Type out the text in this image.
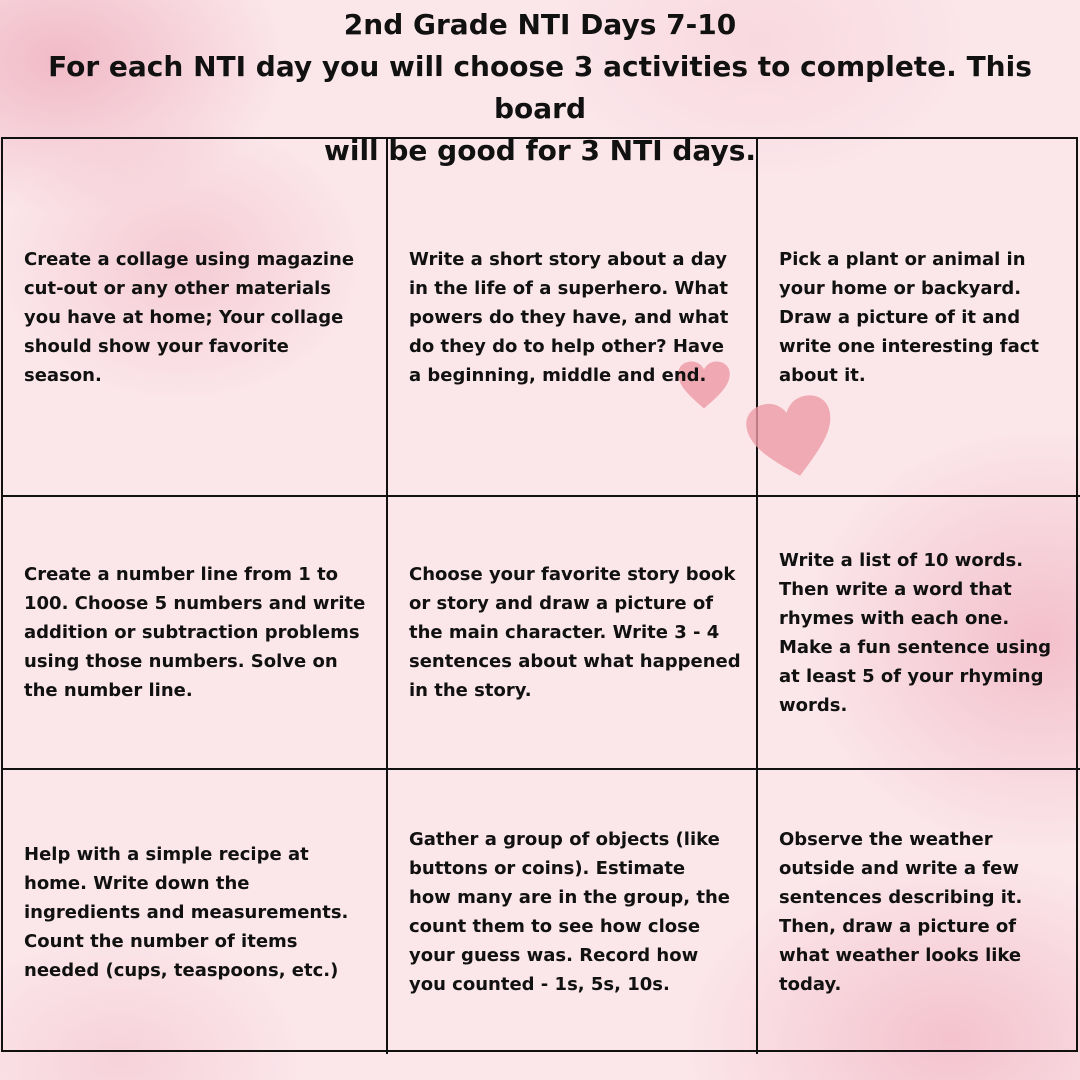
2nd Grade NTI Days 7-10
For each NTI day you will choose 3 activities to complete. This board
will be good for 3 NTI days.
Create a collage using magazine cut-out or any other materials you have at home; Your collage should show your favorite season.
Write a short story about a day in the life of a superhero. What powers do they have, and what do they do to help other? Have a beginning, middle and end.
Pick a plant or animal in your home or backyard. Draw a picture of it and write one interesting fact about it.
Create a number line from 1 to 100. Choose 5 numbers and write addition or subtraction problems using those numbers. Solve on the number line.
Choose your favorite story book or story and draw a picture of the main character. Write 3 - 4 sentences about what happened in the story.
Write a list of 10 words. Then write a word that rhymes with each one. Make a fun sentence using at least 5 of your rhyming words.
Help with a simple recipe at home. Write down the ingredients and measurements. Count the number of items needed (cups, teaspoons, etc.)
Gather a group of objects (like buttons or coins). Estimate how many are in the group, the count them to see how close your guess was. Record how you counted - 1s, 5s, 10s.
Observe the weather outside and write a few sentences describing it. Then, draw a picture of what weather looks like today.
